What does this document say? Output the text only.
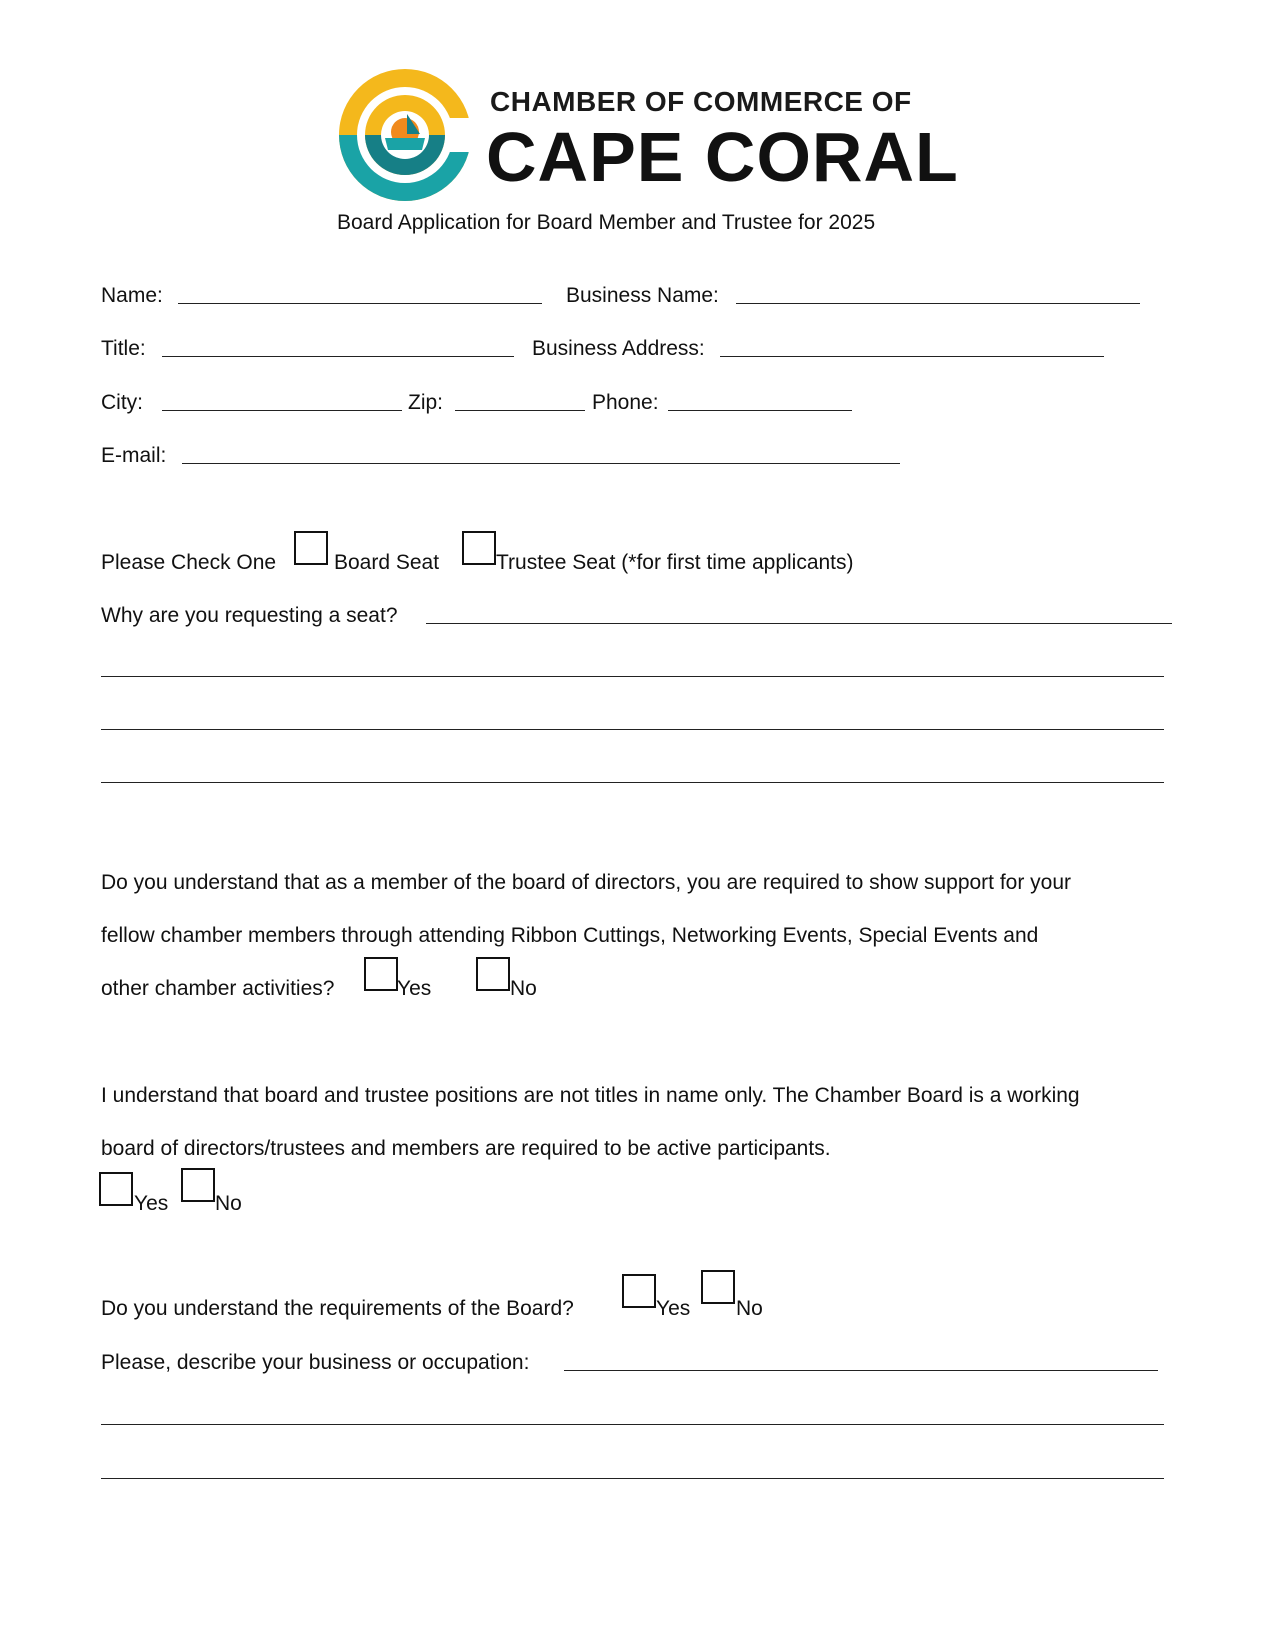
CHAMBER OF COMMERCE OF
CAPE CORAL
Board Application for Board Member and Trustee for 2025
Name:	Business Name:
Title:	Business Address:
City:	Zip:	Phone:
E-mail:
Please Check One	Board Seat	Trustee Seat (*for first time applicants)
Why are you requesting a seat?
Do you understand that as a member of the board of directors, you are required to show support for your
fellow chamber members through attending Ribbon Cuttings, Networking Events, Special Events and
other chamber activities?	Yes	No
I understand that board and trustee positions are not titles in name only. The Chamber Board is a working
board of directors/trustees and members are required to be active participants.
Yes No
Do you understand the requirements of the Board?	Yes No
Please, describe your business or occupation:
